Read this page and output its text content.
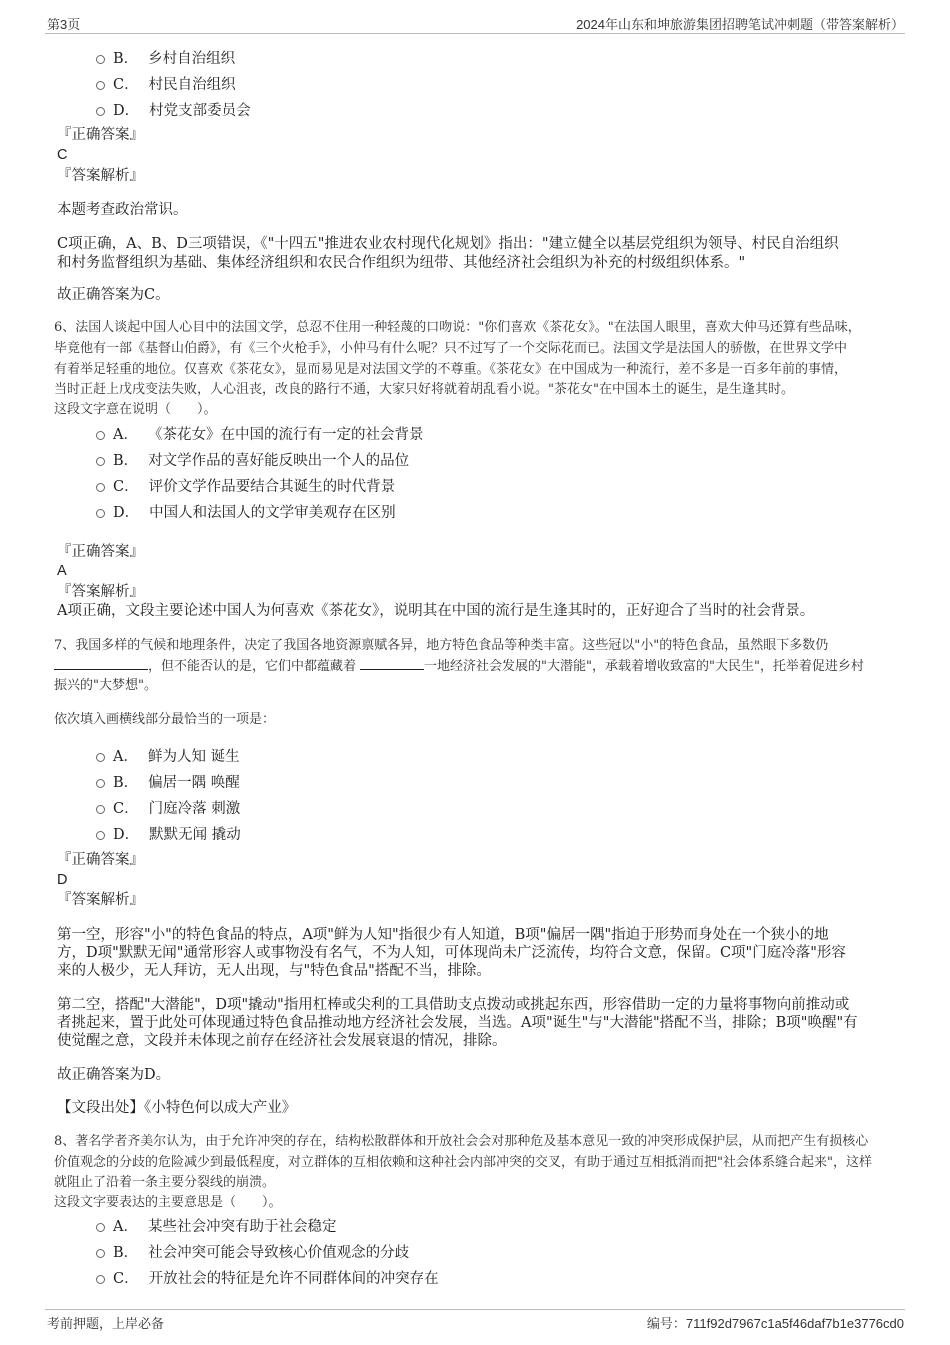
第3页	2024年山东和坤旅游集团招聘笔试冲刺题（带答案解析）
B． 乡村自治组织
C． 村民自治组织
D． 村党支部委员会
『正确答案』
C
『答案解析』
本题考查政治常识。
C项正确，A、B、D三项错误，《"十四五"推进农业农村现代化规划》指出："建立健全以基层党组织为领导、村民自治组织
和村务监督组织为基础、集体经济组织和农民合作组织为纽带、其他经济社会组织为补充的村级组织体系。"
故正确答案为C。
6、法国人谈起中国人心目中的法国文学，总忍不住用一种轻蔑的口吻说："你们喜欢《茶花女》。"在法国人眼里，喜欢大仲马还算有些品味，
毕竟他有一部《基督山伯爵》，有《三个火枪手》，小仲马有什么呢？只不过写了一个交际花而已。法国文学是法国人的骄傲，在世界文学中
有着举足轻重的地位。仅喜欢《茶花女》，显而易见是对法国文学的不尊重。《茶花女》在中国成为一种流行，差不多是一百多年前的事情，
当时正赶上戊戌变法失败，人心沮丧，改良的路行不通，大家只好将就着胡乱看小说。"茶花女"在中国本土的诞生，是生逢其时。
这段文字意在说明（　　）。
A． 《茶花女》在中国的流行有一定的社会背景
B． 对文学作品的喜好能反映出一个人的品位
C． 评价文学作品要结合其诞生的时代背景
D． 中国人和法国人的文学审美观存在区别
『正确答案』
A
『答案解析』
A项正确，文段主要论述中国人为何喜欢《茶花女》，说明其在中国的流行是生逢其时的，正好迎合了当时的社会背景。
7、我国多样的气候和地理条件，决定了我国各地资源禀赋各异，地方特色食品等种类丰富。这些冠以"小"的特色食品，虽然眼下多数仍
，但不能否认的是，它们中都蕴藏着	一地经济社会发展的"大潜能"，承载着增收致富的"大民生"，托举着促进乡村
振兴的"大梦想"。
依次填入画横线部分最恰当的一项是：
A． 鲜为人知 诞生
B． 偏居一隅 唤醒
C． 门庭冷落 刺激
D． 默默无闻 撬动
『正确答案』
D
『答案解析』
第一空，形容"小"的特色食品的特点，A项"鲜为人知"指很少有人知道，B项"偏居一隅"指迫于形势而身处在一个狭小的地
方，D项"默默无闻"通常形容人或事物没有名气，不为人知，可体现尚未广泛流传，均符合文意，保留。C项"门庭冷落"形容
来的人极少，无人拜访，无人出现，与"特色食品"搭配不当，排除。
第二空，搭配"大潜能"，D项"撬动"指用杠棒或尖利的工具借助支点拨动或挑起东西，形容借助一定的力量将事物向前推动或
者挑起来，置于此处可体现通过特色食品推动地方经济社会发展，当选。A项"诞生"与"大潜能"搭配不当，排除；B项"唤醒"有
使觉醒之意，文段并未体现之前存在经济社会发展衰退的情况，排除。
故正确答案为D。
【文段出处】《小特色何以成大产业》
8、著名学者齐美尔认为，由于允许冲突的存在，结构松散群体和开放社会会对那种危及基本意见一致的冲突形成保护层，从而把产生有损核心
价值观念的分歧的危险减少到最低程度，对立群体的互相依赖和这种社会内部冲突的交叉，有助于通过互相抵消而把"社会体系缝合起来"，这样
就阻止了沿着一条主要分裂线的崩溃。
这段文字要表达的主要意思是（　　）。
A． 某些社会冲突有助于社会稳定
B． 社会冲突可能会导致核心价值观念的分歧
C． 开放社会的特征是允许不同群体间的冲突存在
考前押题，上岸必备	编号：711f92d7967c1a5f46daf7b1e3776cd0
